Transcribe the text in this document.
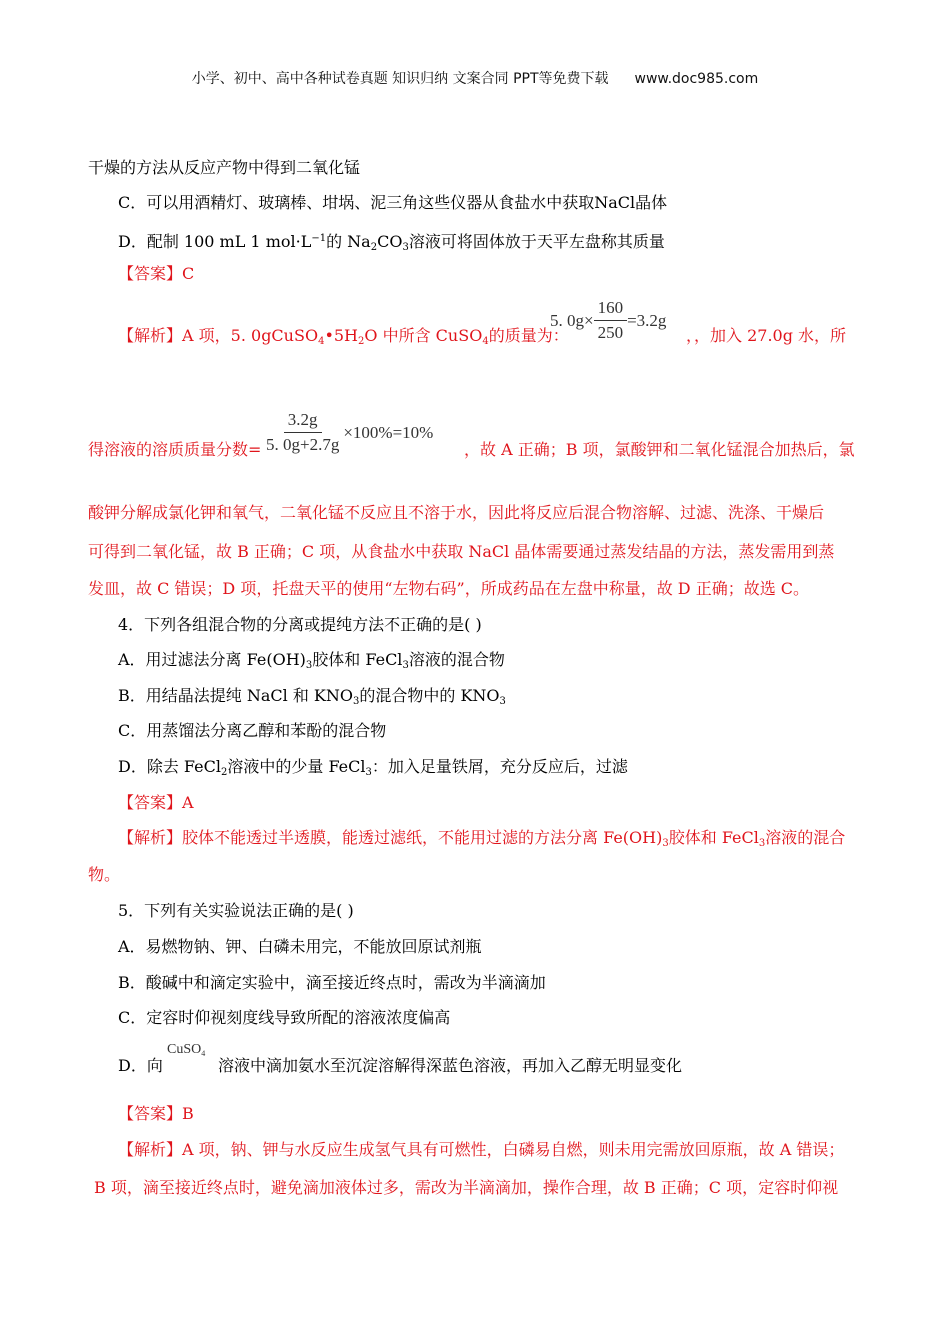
小学、初中、高中各种试卷真题 知识归纳 文案合同 PPT等免费下载 www.doc985.com
干燥的方法从反应产物中得到二氧化锰
C．可以用酒精灯、玻璃棒、坩埚、泥三角这些仪器从食盐水中获取NaCl晶体
D．配制 100 mL 1 $mol\cdot L^{-1}$的 $Na_2CO_3$溶液可将固体放于天平左盘称其质量
【答案】C
【解析】A 项，5. $0gCuSO_4•5H_2O$ 中所含 CuSO$_4$的质量为：
5. $0g\times \frac{160}{250} =3.2g$
，，加入 27.0g 水，所
得溶液的溶质质量分数= $\frac{3.2g}{5. 0g+2.7g} \times 100\%=10\%$
，故 A 正确；B 项，氯酸钾和二氧化锰混合加热后，氯
酸钾分解成氯化钾和氧气，二氧化锰不反应且不溶于水，因此将反应后混合物溶解、过滤、洗涤、干燥后
可得到二氧化锰，故 B 正确；C 项，从食盐水中获取 NaCl 晶体需要通过蒸发结晶的方法，蒸发需用到蒸
发皿，故 C 错误；D 项，托盘天平的使用“左物右码”，所成药品在左盘中称量，故 D 正确；故选 C。
4．下列各组混合物的分离或提纯方法不正确的是( )
A．用过滤法分离 $Fe(OH)_3$胶体和 FeCl$_3$溶液的混合物
B．用结晶法提纯 NaCl 和 $KNO_3$的混合物中的 $KNO_3$
C．用蒸馏法分离乙醇和苯酚的混合物
D．除去 FeCl$_2$溶液中的少量 FeCl$_3$：加入足量铁屑，充分反应后，过滤
【答案】A
【解析】胶体不能透过半透膜，能透过滤纸，不能用过滤的方法分离 $Fe(OH)_3$胶体和 FeCl$_3$溶液的混合
物。
5．下列有关实验说法正确的是( )
A．易燃物钠、钾、白磷未用完，不能放回原试剂瓶
B．酸碱中和滴定实验中，滴至接近终点时，需改为半滴滴加
C．定容时仰视刻度线导致所配的溶液浓度偏高
CuSO$_4$
D．向	溶液中滴加氨水至沉淀溶解得深蓝色溶液，再加入乙醇无明显变化
【答案】B
【解析】A 项，钠、钾与水反应生成氢气具有可燃性，白磷易自燃，则未用完需放回原瓶，故 A 错误；
B 项，滴至接近终点时，避免滴加液体过多，需改为半滴滴加，操作合理，故 B 正确；C 项，定容时仰视
